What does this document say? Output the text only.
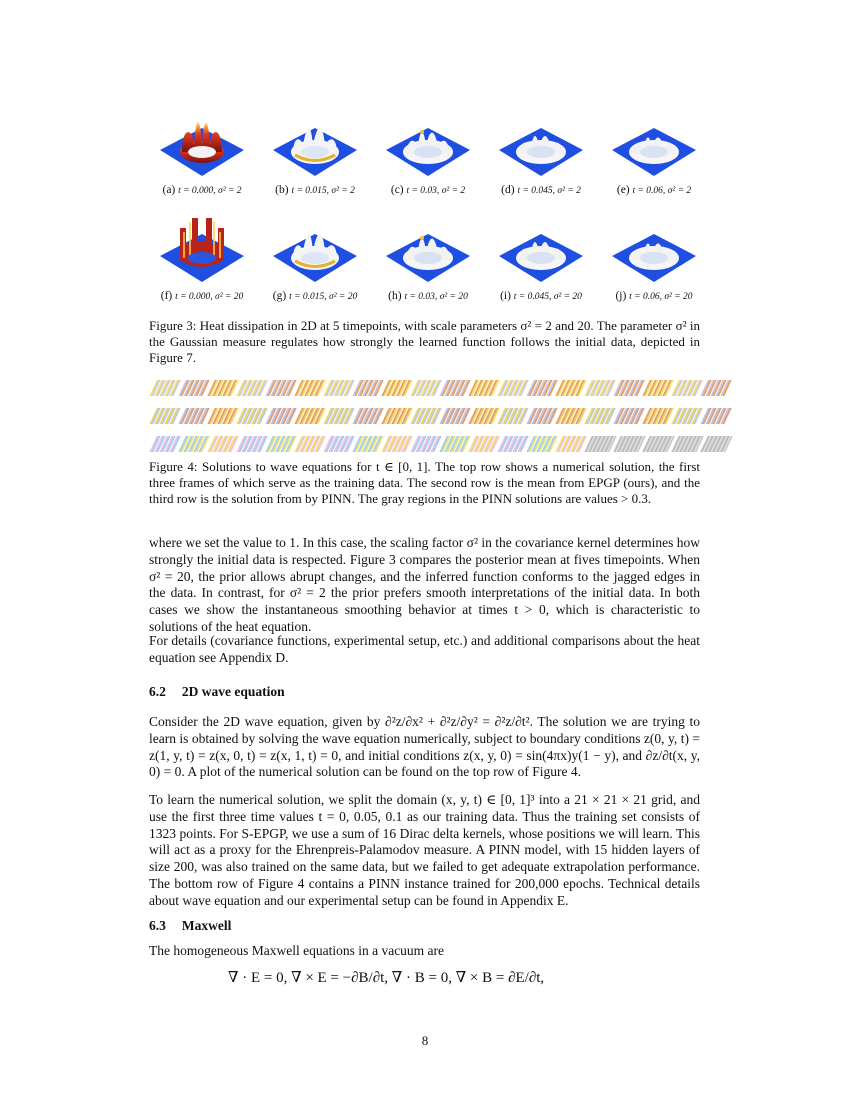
(a) t = 0.000, σ² = 2	(b) t = 0.015, σ² = 2	(c) t = 0.03, σ² = 2	(d) t = 0.045, σ² = 2	(e) t = 0.06, σ² = 2
(f) t = 0.000, σ² = 20	(g) t = 0.015, σ² = 20	(h) t = 0.03, σ² = 20	(i) t = 0.045, σ² = 20	(j) t = 0.06, σ² = 20
Figure 3: Heat dissipation in 2D at 5 timepoints, with scale parameters σ² = 2 and 20. The parameter σ² in the Gaussian measure regulates how strongly the learned function follows the initial data, depicted in Figure 7.
Figure 4: Solutions to wave equations for t ∈ [0, 1]. The top row shows a numerical solution, the first three frames of which serve as the training data. The second row is the mean from EPGP (ours), and the third row is the solution from by PINN. The gray regions in the PINN solutions are values > 0.3.
where we set the value to 1. In this case, the scaling factor σ² in the covariance kernel determines how strongly the initial data is respected. Figure 3 compares the posterior mean at fives timepoints. When σ² = 20, the prior allows abrupt changes, and the inferred function conforms to the jagged edges in the data. In contrast, for σ² = 2 the prior prefers smooth interpretations of the initial data. In both cases we show the instantaneous smoothing behavior at times t > 0, which is characteristic to solutions of the heat equation.
For details (covariance functions, experimental setup, etc.) and additional comparisons about the heat equation see Appendix D.
6.2 2D wave equation
Consider the 2D wave equation, given by ∂²z/∂x² + ∂²z/∂y² = ∂²z/∂t². The solution we are trying to learn is obtained by solving the wave equation numerically, subject to boundary conditions z(0, y, t) = z(1, y, t) = z(x, 0, t) = z(x, 1, t) = 0, and initial conditions z(x, y, 0) = sin(4πx)y(1 − y), and ∂z/∂t(x, y, 0) = 0. A plot of the numerical solution can be found on the top row of Figure 4.
To learn the numerical solution, we split the domain (x, y, t) ∈ [0, 1]³ into a 21 × 21 × 21 grid, and use the first three time values t = 0, 0.05, 0.1 as our training data. Thus the training set consists of 1323 points. For S-EPGP, we use a sum of 16 Dirac delta kernels, whose positions we will learn. This will act as a proxy for the Ehrenpreis-Palamodov measure. A PINN model, with 15 hidden layers of size 200, was also trained on the same data, but we failed to get adequate extrapolation performance. The bottom row of Figure 4 contains a PINN instance trained for 200,000 epochs. Technical details about wave equation and our experimental setup can be found in Appendix E.
6.3 Maxwell
The homogeneous Maxwell equations in a vacuum are
∇ · E = 0, ∇ × E = −∂B/∂t, ∇ · B = 0, ∇ × B = ∂E/∂t,
8
